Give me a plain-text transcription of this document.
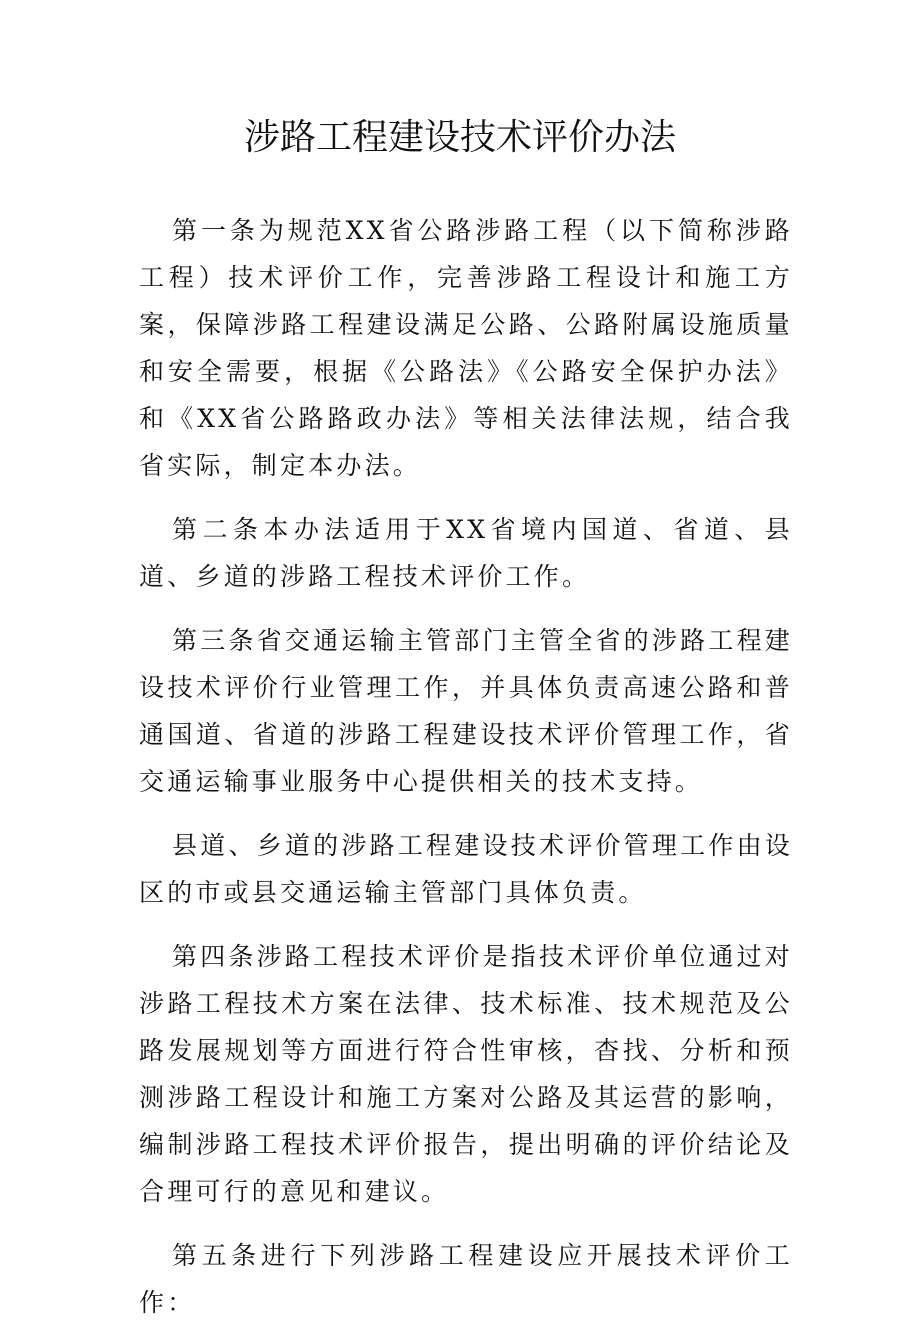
涉路工程建设技术评价办法

第一条为规范XX省公路涉路工程（以下简称涉路工程）技术评价工作，完善涉路工程设计和施工方案，保障涉路工程建设满足公路、公路附属设施质量和安全需要，根据《公路法》《公路安全保护办法》和《XX省公路路政办法》等相关法律法规，结合我省实际，制定本办法。

第二条本办法适用于XX省境内国道、省道、县道、乡道的涉路工程技术评价工作。

第三条省交通运输主管部门主管全省的涉路工程建设技术评价行业管理工作，并具体负责高速公路和普通国道、省道的涉路工程建设技术评价管理工作，省交通运输事业服务中心提供相关的技术支持。

县道、乡道的涉路工程建设技术评价管理工作由设区的市或县交通运输主管部门具体负责。

第四条涉路工程技术评价是指技术评价单位通过对涉路工程技术方案在法律、技术标准、技术规范及公路发展规划等方面进行符合性审核，杳找、分析和预测涉路工程设计和施工方案对公路及其运营的影响，编制涉路工程技术评价报告，提出明确的评价结论及合理可行的意见和建议。

第五条进行下列涉路工程建设应开展技术评价工作：
